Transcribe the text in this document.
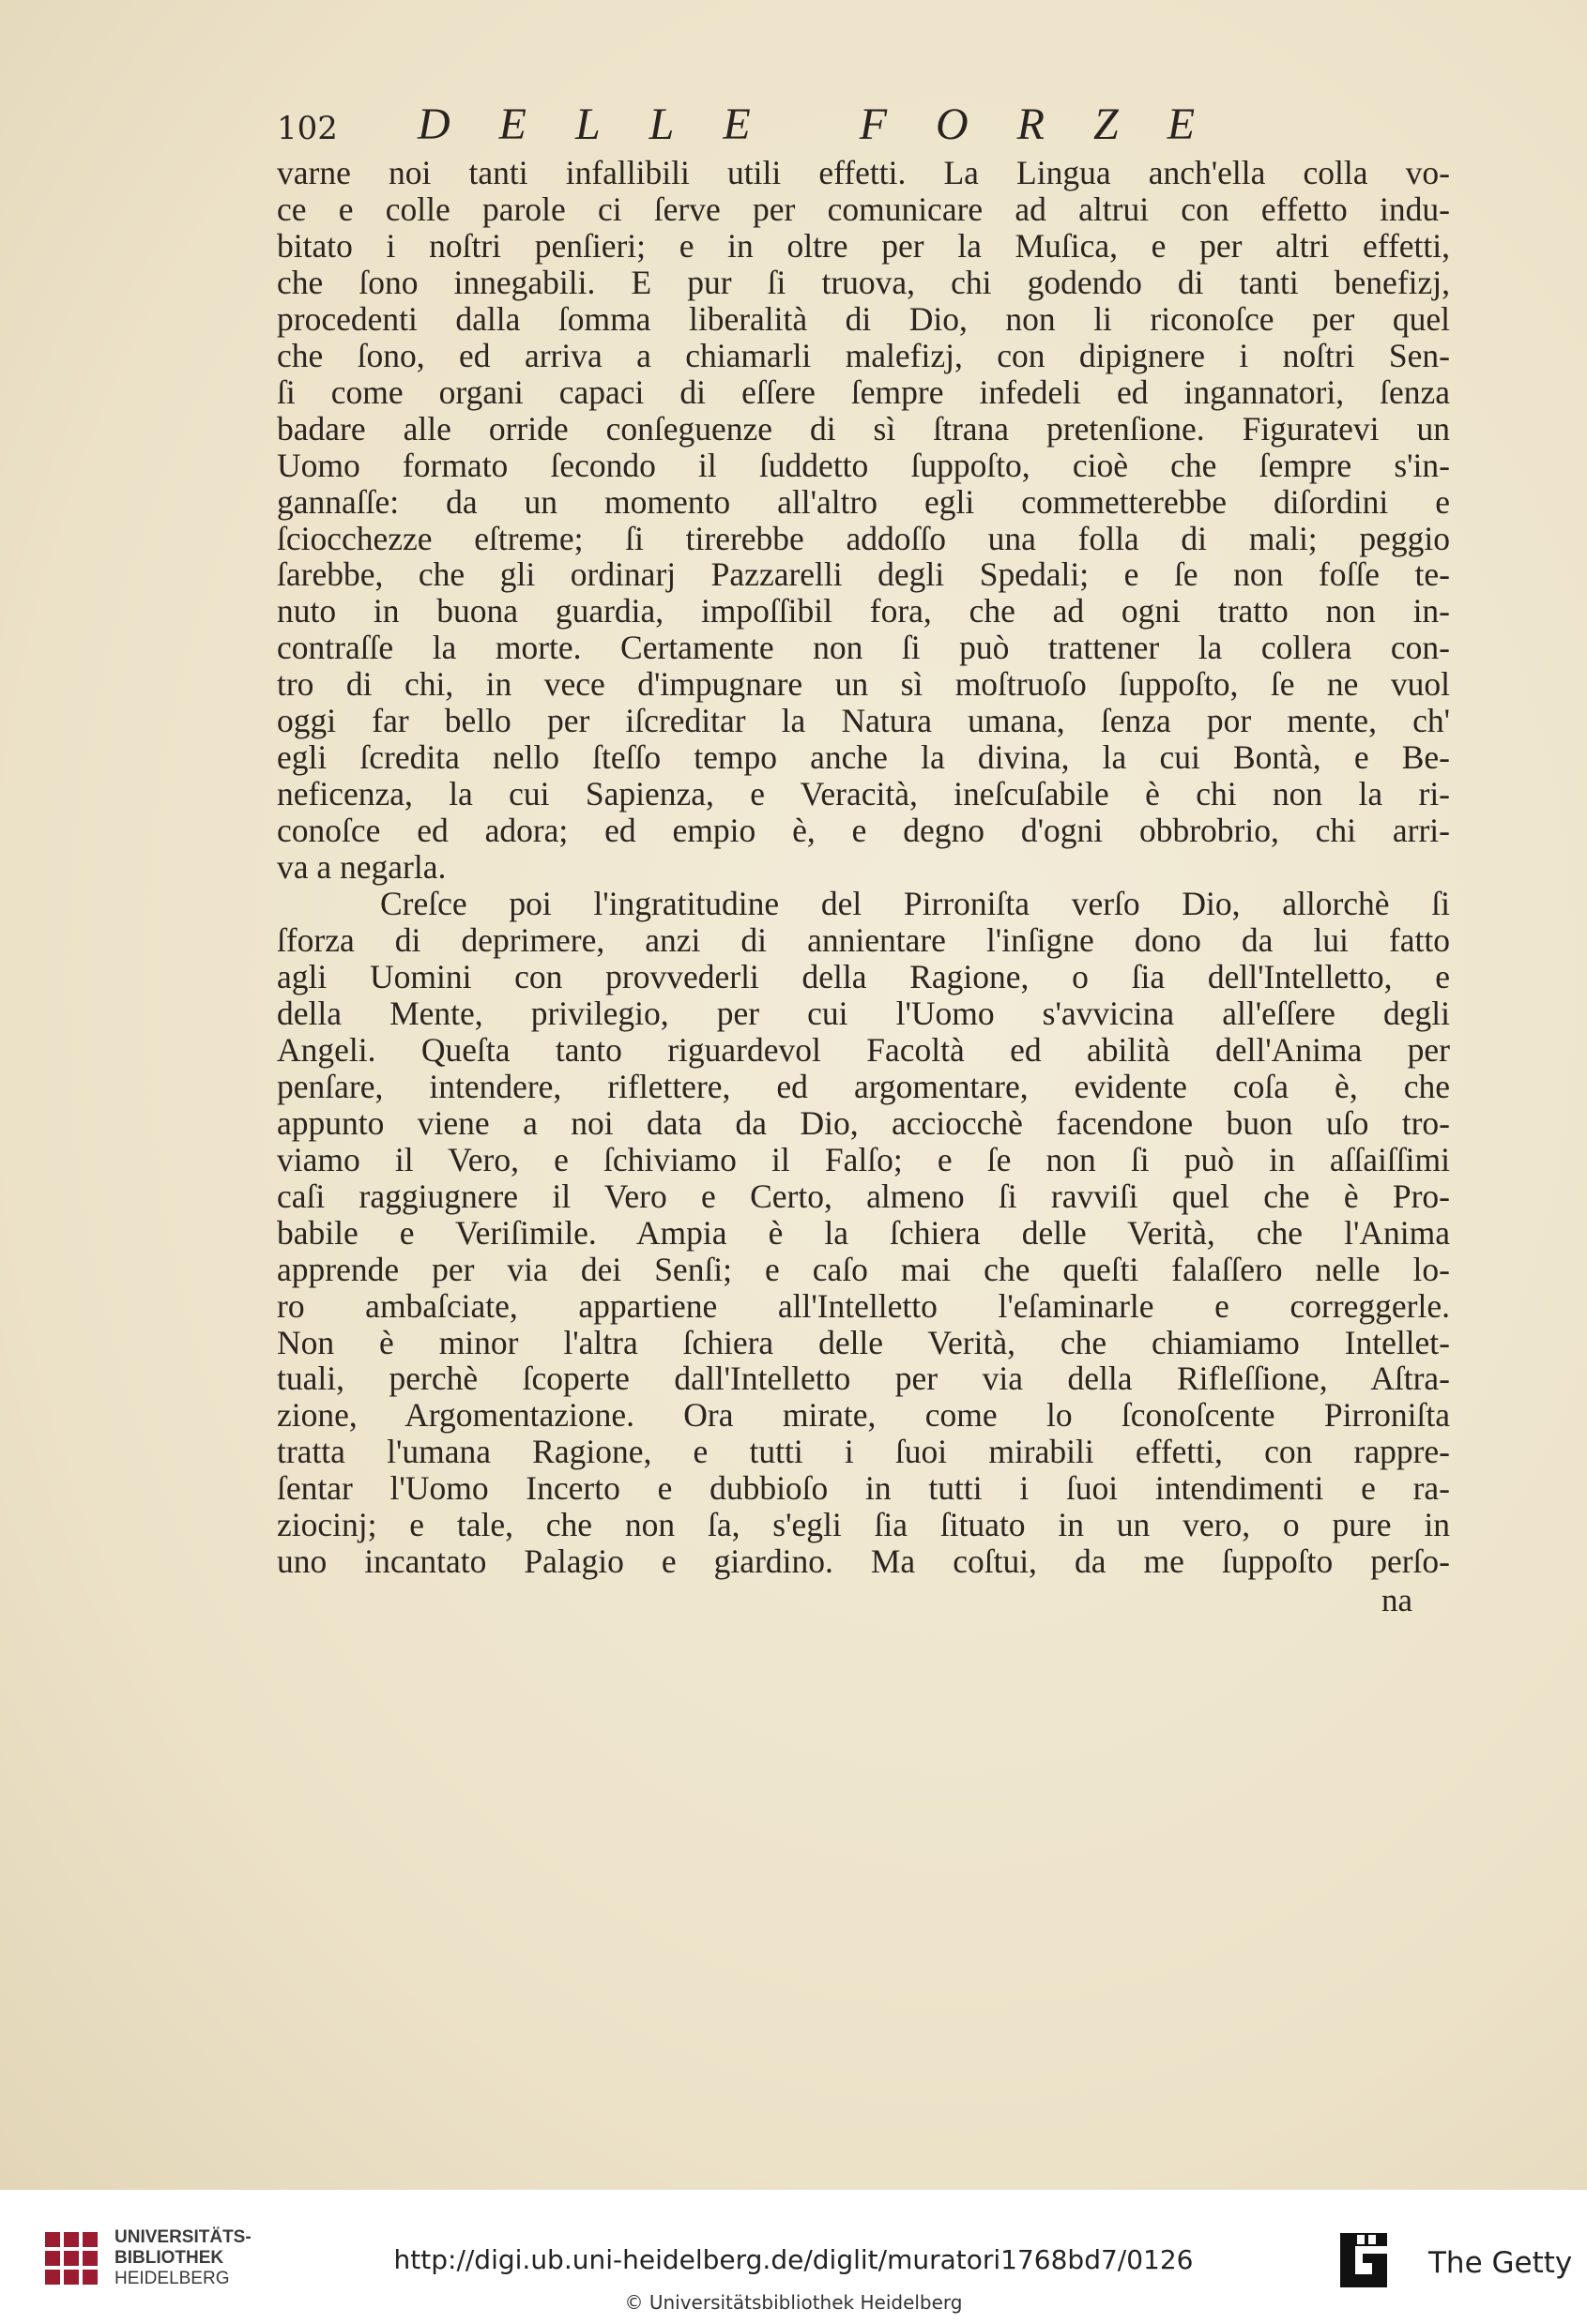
102	DELLE FORZE
varne noi tanti infallibili utili effetti. La Lingua anch'ella colla vo-
ce e colle parole ci ſerve per comunicare ad altrui con effetto indu-
bitato i noſtri penſieri; e in oltre per la Muſica, e per altri effetti,
che ſono innegabili. E pur ſi truova, chi godendo di tanti benefizj,
procedenti dalla ſomma liberalità di Dio, non li riconoſce per quel
che ſono, ed arriva a chiamarli malefizj, con dipignere i noſtri Sen-
ſi come organi capaci di eſſere ſempre infedeli ed ingannatori, ſenza
badare alle orride conſeguenze di sì ſtrana pretenſione. Figuratevi un
Uomo formato ſecondo il ſuddetto ſuppoſto, cioè che ſempre s'in-
gannaſſe: da un momento all'altro egli commetterebbe diſordini e
ſciocchezze eſtreme; ſi tirerebbe addoſſo una folla di mali; peggio
ſarebbe, che gli ordinarj Pazzarelli degli Spedali; e ſe non foſſe te-
nuto in buona guardia, impoſſibil fora, che ad ogni tratto non in-
contraſſe la morte. Certamente non ſi può trattener la collera con-
tro di chi, in vece d'impugnare un sì moſtruoſo ſuppoſto, ſe ne vuol
oggi far bello per iſcreditar la Natura umana, ſenza por mente, ch'
egli ſcredita nello ſteſſo tempo anche la divina, la cui Bontà, e Be-
neficenza, la cui Sapienza, e Veracità, ineſcuſabile è chi non la ri-
conoſce ed adora; ed empio è, e degno d'ogni obbrobrio, chi arri-
va a negarla.
Creſce poi l'ingratitudine del Pirroniſta verſo Dio, allorchè ſi
ſforza di deprimere, anzi di annientare l'inſigne dono da lui fatto
agli Uomini con provvederli della Ragione, o ſia dell'Intelletto, e
della Mente, privilegio, per cui l'Uomo s'avvicina all'eſſere degli
Angeli. Queſta tanto riguardevol Facoltà ed abilità dell'Anima per
penſare, intendere, riflettere, ed argomentare, evidente coſa è, che
appunto viene a noi data da Dio, acciocchè facendone buon uſo tro-
viamo il Vero, e ſchiviamo il Falſo; e ſe non ſi può in aſſaiſſimi
caſi raggiugnere il Vero e Certo, almeno ſi ravviſi quel che è Pro-
babile e Veriſimile. Ampia è la ſchiera delle Verità, che l'Anima
apprende per via dei Senſi; e caſo mai che queſti falaſſero nelle lo-
ro ambaſciate, appartiene all'Intelletto l'eſaminarle e correggerle.
Non è minor l'altra ſchiera delle Verità, che chiamiamo Intellet-
tuali, perchè ſcoperte dall'Intelletto per via della Rifleſſione, Aſtra-
zione, Argomentazione. Ora mirate, come lo ſconoſcente Pirroniſta
tratta l'umana Ragione, e tutti i ſuoi mirabili effetti, con rappre-
ſentar l'Uomo Incerto e dubbioſo in tutti i ſuoi intendimenti e ra-
ziocinj; e tale, che non ſa, s'egli ſia ſituato in un vero, o pure in
uno incantato Palagio e giardino. Ma coſtui, da me ſuppoſto perſo-
na
UNIVERSITÄTS-
BIBLIOTHEK
HEIDELBERG
http://digi.ub.uni-heidelberg.de/diglit/muratori1768bd7/0126
© Universitätsbibliothek Heidelberg
The Getty
